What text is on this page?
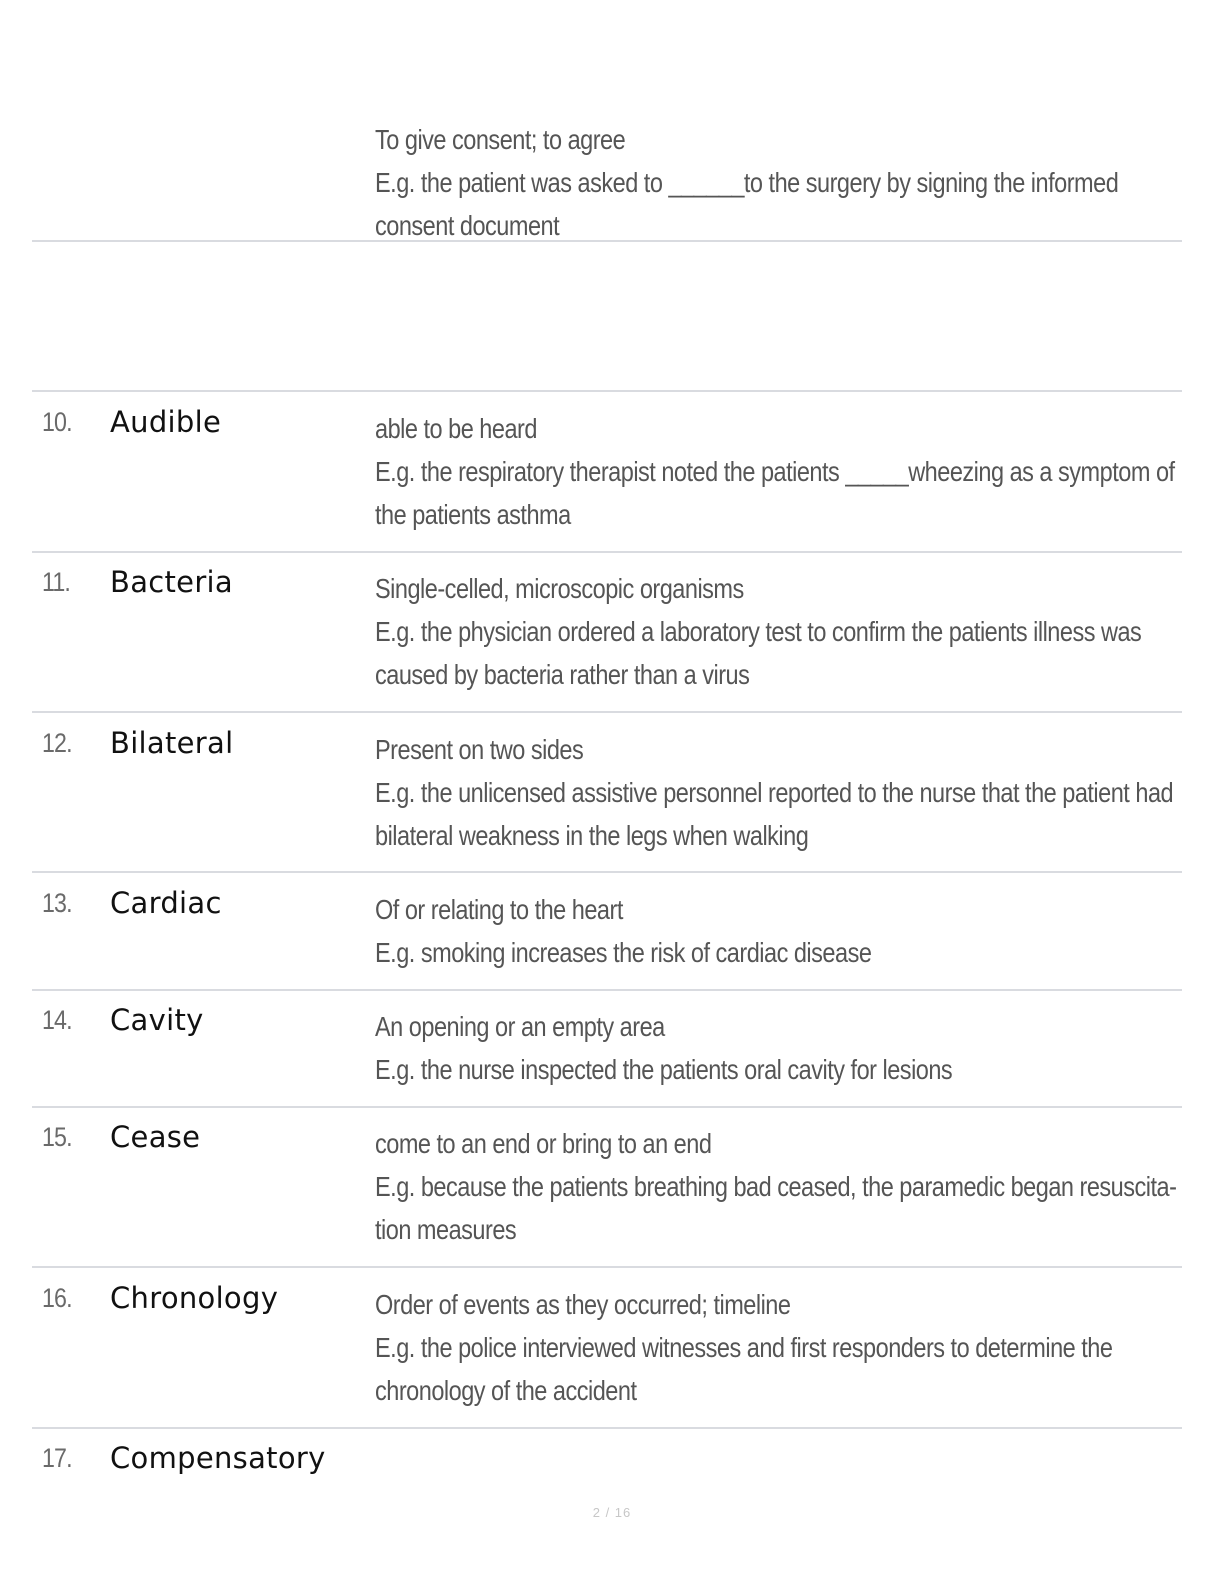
To give consent; to agree
E.g. the patient was asked to ______to the surgery by signing the informed
consent document
10. Audible	able to be heard
E.g. the respiratory therapist noted the patients _____wheezing as a symptom of
the patients asthma
11. Bacteria	Single-celled, microscopic organisms
E.g. the physician ordered a laboratory test to confirm the patients illness was
caused by bacteria rather than a virus
12. Bilateral	Present on two sides
E.g. the unlicensed assistive personnel reported to the nurse that the patient had
bilateral weakness in the legs when walking
13. Cardiac	Of or relating to the heart
E.g. smoking increases the risk of cardiac disease
14. Cavity	An opening or an empty area
E.g. the nurse inspected the patients oral cavity for lesions
15. Cease	come to an end or bring to an end
E.g. because the patients breathing bad ceased, the paramedic began resuscita-
tion measures
16. Chronology	Order of events as they occurred; timeline
E.g. the police interviewed witnesses and first responders to determine the
chronology of the accident
17. Compensatory
2 / 16
